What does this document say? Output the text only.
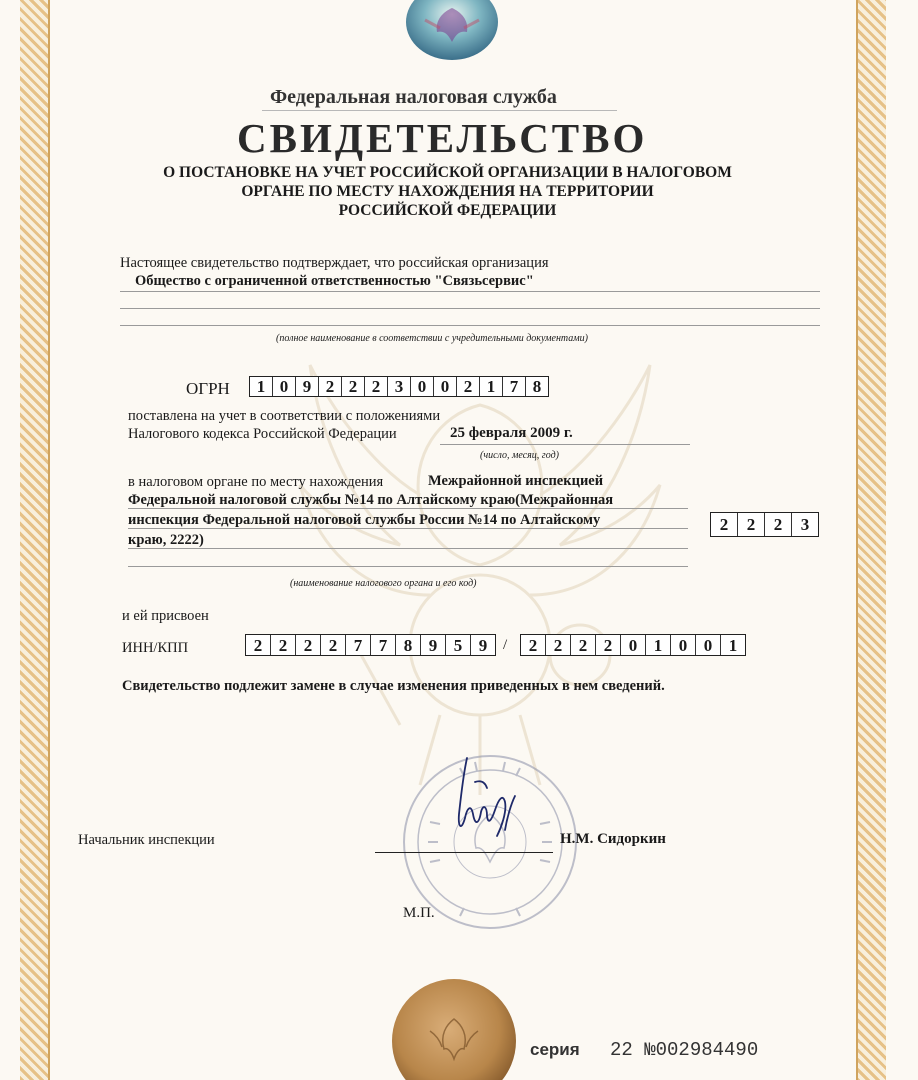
Федеральная налоговая служба
СВИДЕТЕЛЬСТВО
О ПОСТАНОВКЕ НА УЧЕТ РОССИЙСКОЙ ОРГАНИЗАЦИИ В НАЛОГОВОМ
ОРГАНЕ ПО МЕСТУ НАХОЖДЕНИЯ НА ТЕРРИТОРИИ
РОССИЙСКОЙ ФЕДЕРАЦИИ
Настоящее свидетельство подтверждает, что российская организация
Общество с ограниченной ответственностью "Связьсервис"
(полное наименование в соответствии с учредительными документами)
ОГРН	1 0 9 2 2 2 3 0 0 2 1 7 8
поставлена на учет в соответствии с положениями
Налогового кодекса Российской Федерации	25 февраля 2009 г.
(число, месяц, год)
в налоговом органе по месту нахождения	Межрайонной инспекцией
Федеральной налоговой службы №14 по Алтайскому краю(Межрайонная
инспекция Федеральной налоговой службы России №14 по Алтайскому
краю, 2222)
2	2	2	3
(наименование налогового органа и его код)
и ей присвоен
ИНН/КПП	2 2 2 2 7 7 8 9 5 9	/	2 2 2 2 0 1 0 0 1
Свидетельство подлежит замене в случае изменения приведенных в нем сведений.
Начальник инспекции	Н.М. Сидоркин
М.П.
серия 22 №002984490
